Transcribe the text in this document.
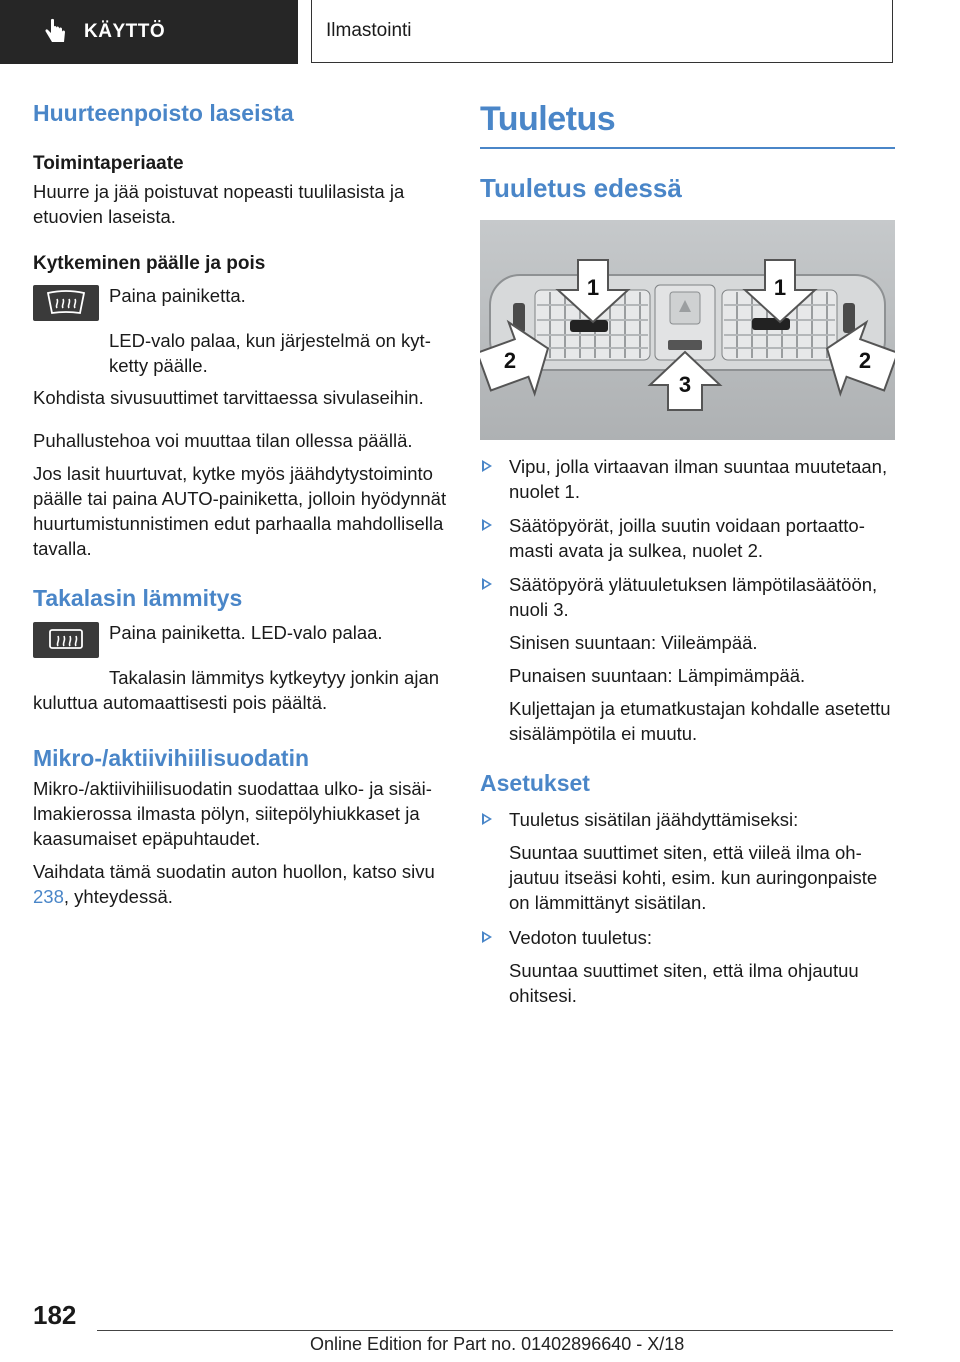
KÄYTTÖ	Ilmastointi
Huurteenpoisto laseista
Toimintaperiaate

Huurre ja jää poistuvat nopeasti tuulilasista ja etuovien laseista.

Kytkeminen päälle ja pois

Paina painiketta.

LED-valo palaa, kun järjestelmä on kytketty päälle.

Kohdista sivusuuttimet tarvittaessa sivulaseihin.

Puhallustehoa voi muuttaa tilan ollessa päällä.

Jos lasit huurtuvat, kytke myös jäähdytystoiminto päälle tai paina AUTO-painiketta, jolloin hyödynnät huurtumistunnistimen edut parhaalla mahdollisella tavalla.

Takalasin lämmitys

Paina painiketta. LED-valo palaa.

Takalasin lämmitys kytkeytyy jonkin ajan kuluttua automaattisesti pois päältä.

Mikro-/aktiivihiilisuodatin

Mikro-/aktiivihiilisuodatin suodattaa ulko- ja sisäilmakierossa ilmasta pölyn, siitepölyhiukkaset ja kaasumaiset epäpuhtaudet.

Vaihdata tämä suodatin auton huollon, katso sivu 238, yhteydessä.

Tuuletus
Tuuletus edessä
1	1
2	2
3
Vipu, jolla virtaavan ilman suuntaa muutetaan, nuolet 1.
Säätöpyörät, joilla suutin voidaan portaattomasti avata ja sulkea, nuolet 2.
Säätöpyörä ylätuuletuksen lämpötilasäätöön, nuoli 3.

Sinisen suuntaan: Viileämpää.

Punaisen suuntaan: Lämpimämpää.

Kuljettajan ja etumatkustajan kohdalle asetettu sisälämpötila ei muutu.

Asetukset
Tuuletus sisätilan jäähdyttämiseksi:

Suuntaa suuttimet siten, että viileä ilma ohjautuu itseäsi kohti, esim. kun auringonpaiste on lämmittänyt sisätilan.

Vedoton tuuletus:

Suuntaa suuttimet siten, että ilma ohjautuu ohitsesi.

182
Online Edition for Part no. 01402896640 - X/18
